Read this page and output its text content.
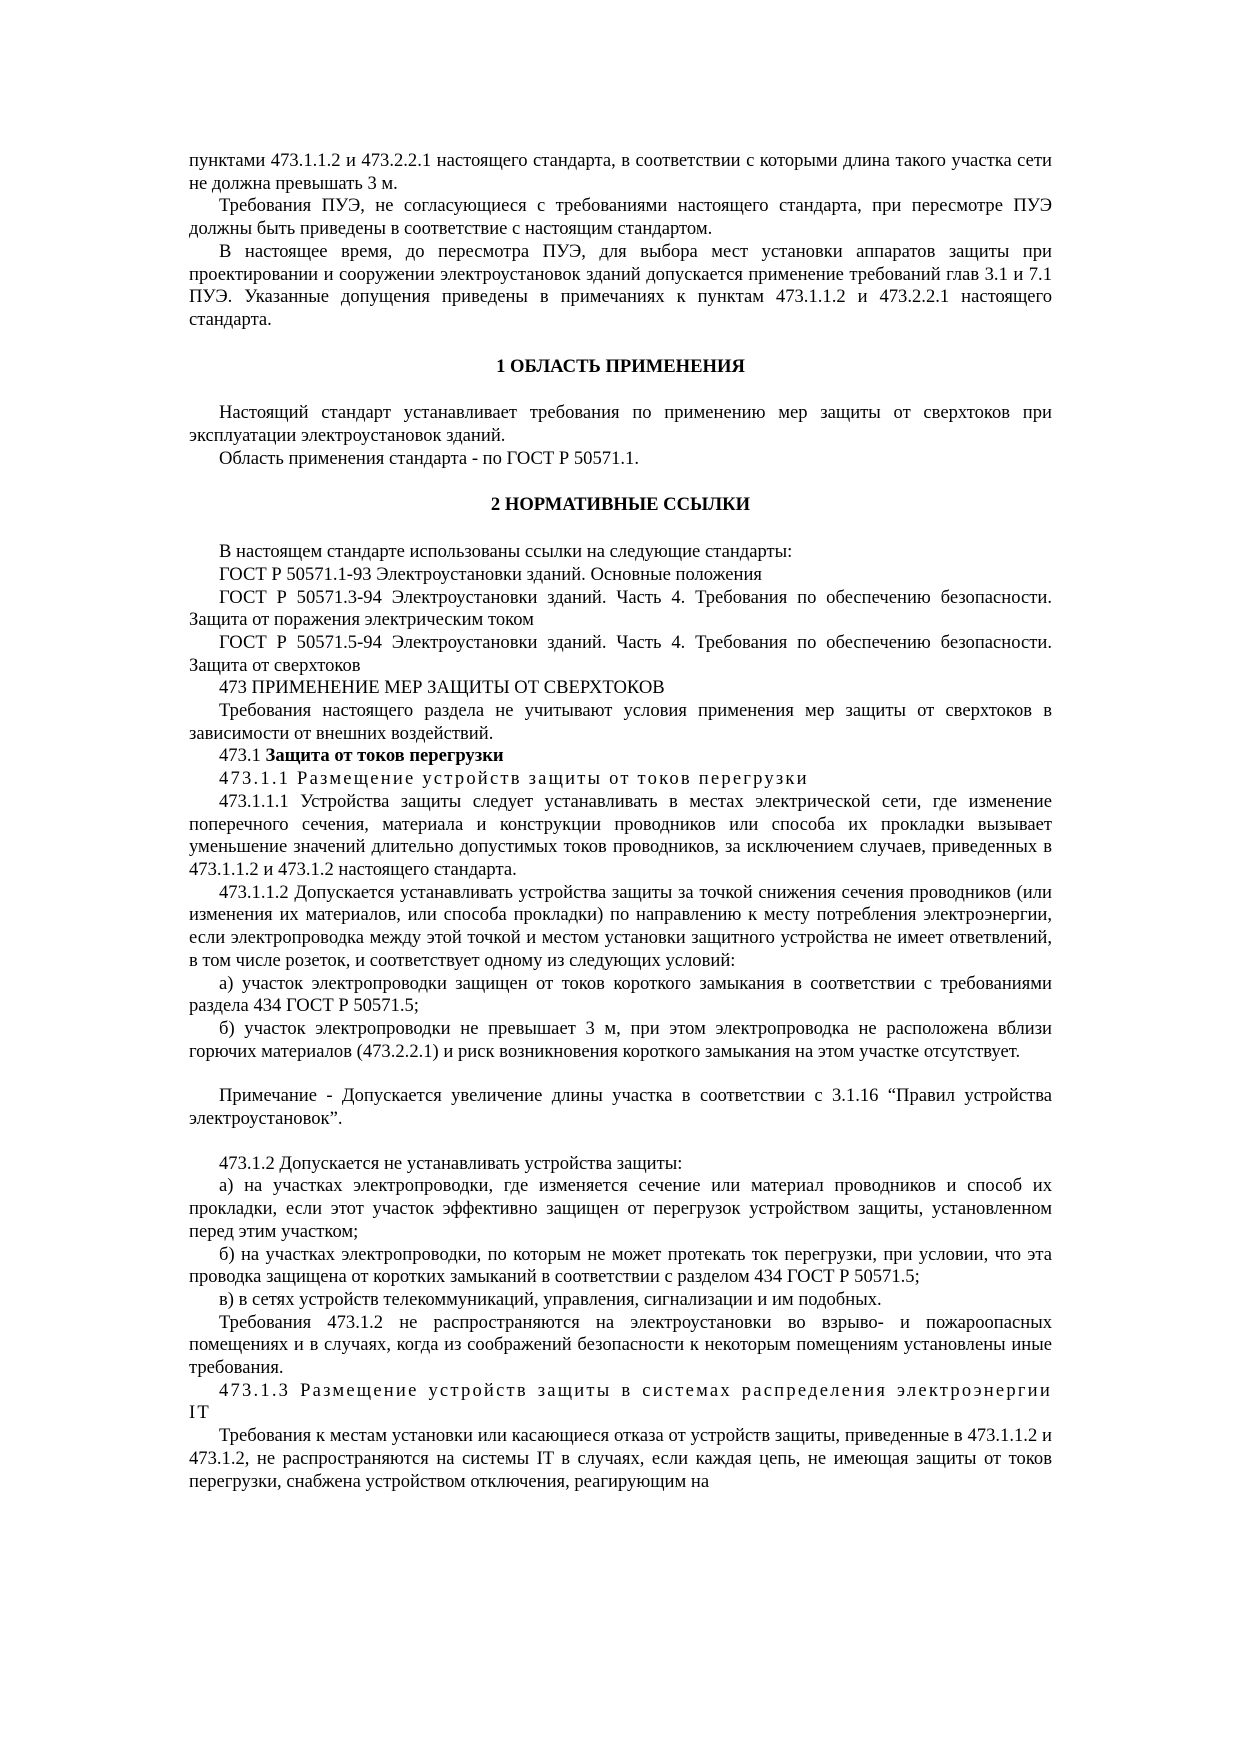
пунктами 473.1.1.2 и 473.2.2.1 настоящего стандарта, в соответствии с которыми длина такого участка сети не должна превышать 3 м.

Требования ПУЭ, не согласующиеся с требованиями настоящего стандарта, при пересмотре ПУЭ должны быть приведены в соответствие с настоящим стандартом.

В настоящее время, до пересмотра ПУЭ, для выбора мест установки аппаратов защиты при проектировании и сооружении электроустановок зданий допускается применение требований глав 3.1 и 7.1 ПУЭ. Указанные допущения приведены в примечаниях к пунктам 473.1.1.2 и 473.2.2.1 настоящего стандарта.

1 ОБЛАСТЬ ПРИМЕНЕНИЯ

Настоящий стандарт устанавливает требования по применению мер защиты от сверхтоков при эксплуатации электроустановок зданий.

Область применения стандарта - по ГОСТ Р 50571.1.

2 НОРМАТИВНЫЕ ССЫЛКИ

В настоящем стандарте использованы ссылки на следующие стандарты:

ГОСТ Р 50571.1-93 Электроустановки зданий. Основные положения

ГОСТ Р 50571.3-94 Электроустановки зданий. Часть 4. Требования по обеспечению безопасности. Защита от поражения электрическим током

ГОСТ Р 50571.5-94 Электроустановки зданий. Часть 4. Требования по обеспечению безопасности. Защита от сверхтоков

473 ПРИМЕНЕНИЕ МЕР ЗАЩИТЫ ОТ СВЕРХТОКОВ

Требования настоящего раздела не учитывают условия применения мер защиты от сверхтоков в зависимости от внешних воздействий.

473.1 Защита от токов перегрузки

473.1.1 Размещение устройств защиты от токов перегрузки

473.1.1.1 Устройства защиты следует устанавливать в местах электрической сети, где изменение поперечного сечения, материала и конструкции проводников или способа их прокладки вызывает уменьшение значений длительно допустимых токов проводников, за исключением случаев, приведенных в 473.1.1.2 и 473.1.2 настоящего стандарта.

473.1.1.2 Допускается устанавливать устройства защиты за точкой снижения сечения проводников (или изменения их материалов, или способа прокладки) по направлению к месту потребления электроэнергии, если электропроводка между этой точкой и местом установки защитного устройства не имеет ответвлений, в том числе розеток, и соответствует одному из следующих условий:

а) участок электропроводки защищен от токов короткого замыкания в соответствии с требованиями раздела 434 ГОСТ Р 50571.5;

б) участок электропроводки не превышает 3 м, при этом электропроводка не расположена вблизи горючих материалов (473.2.2.1) и риск возникновения короткого замыкания на этом участке отсутствует.

Примечание - Допускается увеличение длины участка в соответствии с 3.1.16 “Правил устройства электроустановок”.

473.1.2 Допускается не устанавливать устройства защиты:

а) на участках электропроводки, где изменяется сечение или материал проводников и способ их прокладки, если этот участок эффективно защищен от перегрузок устройством защиты, установленном перед этим участком;

б) на участках электропроводки, по которым не может протекать ток перегрузки, при условии, что эта проводка защищена от коротких замыканий в соответствии с разделом 434 ГОСТ Р 50571.5;

в) в сетях устройств телекоммуникаций, управления, сигнализации и им подобных.

Требования 473.1.2 не распространяются на электроустановки во взрыво- и пожароопасных помещениях и в случаях, когда из соображений безопасности к некоторым помещениям установлены иные требования.

473.1.3 Размещение устройств защиты в системах распределения электроэнергии IT

Требования к местам установки или касающиеся отказа от устройств защиты, приведенные в 473.1.1.2 и 473.1.2, не распространяются на системы IT в случаях, если каждая цепь, не имеющая защиты от токов перегрузки, снабжена устройством отключения, реагирующим на
